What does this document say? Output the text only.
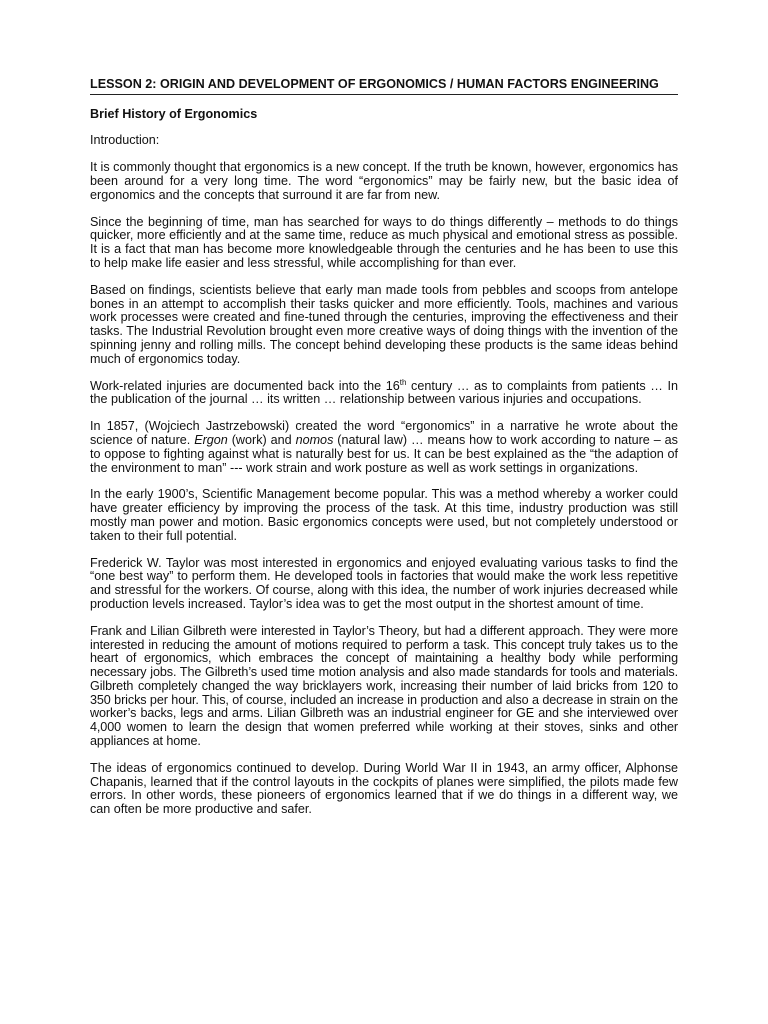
LESSON 2: ORIGIN AND DEVELOPMENT OF ERGONOMICS / HUMAN FACTORS ENGINEERING
Brief History of Ergonomics
Introduction:

It is commonly thought that ergonomics is a new concept. If the truth be known, however, ergonomics has been around for a very long time. The word “ergonomics” may be fairly new, but the basic idea of ergonomics and the concepts that surround it are far from new.

Since the beginning of time, man has searched for ways to do things differently – methods to do things quicker, more efficiently and at the same time, reduce as much physical and emotional stress as possible. It is a fact that man has become more knowledgeable through the centuries and he has been to use this to help make life easier and less stressful, while accomplishing for than ever.

Based on findings, scientists believe that early man made tools from pebbles and scoops from antelope bones in an attempt to accomplish their tasks quicker and more efficiently. Tools, machines and various work processes were created and fine-tuned through the centuries, improving the effectiveness and their tasks. The Industrial Revolution brought even more creative ways of doing things with the invention of the spinning jenny and rolling mills. The concept behind developing these products is the same ideas behind much of ergonomics today.

Work-related injuries are documented back into the 16th century … as to complaints from patients … In the publication of the journal … its written … relationship between various injuries and occupations.

In 1857, (Wojciech Jastrzebowski) created the word “ergonomics” in a narrative he wrote about the science of nature. Ergon (work) and nomos (natural law) … means how to work according to nature – as to oppose to fighting against what is naturally best for us. It can be best explained as the “the adaption of the environment to man” --- work strain and work posture as well as work settings in organizations.

In the early 1900’s, Scientific Management become popular. This was a method whereby a worker could have greater efficiency by improving the process of the task. At this time, industry production was still mostly man power and motion. Basic ergonomics concepts were used, but not completely understood or taken to their full potential.

Frederick W. Taylor was most interested in ergonomics and enjoyed evaluating various tasks to find the “one best way” to perform them. He developed tools in factories that would make the work less repetitive and stressful for the workers. Of course, along with this idea, the number of work injuries decreased while production levels increased. Taylor’s idea was to get the most output in the shortest amount of time.

Frank and Lilian Gilbreth were interested in Taylor’s Theory, but had a different approach. They were more interested in reducing the amount of motions required to perform a task. This concept truly takes us to the heart of ergonomics, which embraces the concept of maintaining a healthy body while performing necessary jobs. The Gilbreth’s used time motion analysis and also made standards for tools and materials. Gilbreth completely changed the way bricklayers work, increasing their number of laid bricks from 120 to 350 bricks per hour. This, of course, included an increase in production and also a decrease in strain on the worker’s backs, legs and arms. Lilian Gilbreth was an industrial engineer for GE and she interviewed over 4,000 women to learn the design that women preferred while working at their stoves, sinks and other appliances at home.

The ideas of ergonomics continued to develop. During World War II in 1943, an army officer, Alphonse Chapanis, learned that if the control layouts in the cockpits of planes were simplified, the pilots made few errors. In other words, these pioneers of ergonomics learned that if we do things in a different way, we can often be more productive and safer.
